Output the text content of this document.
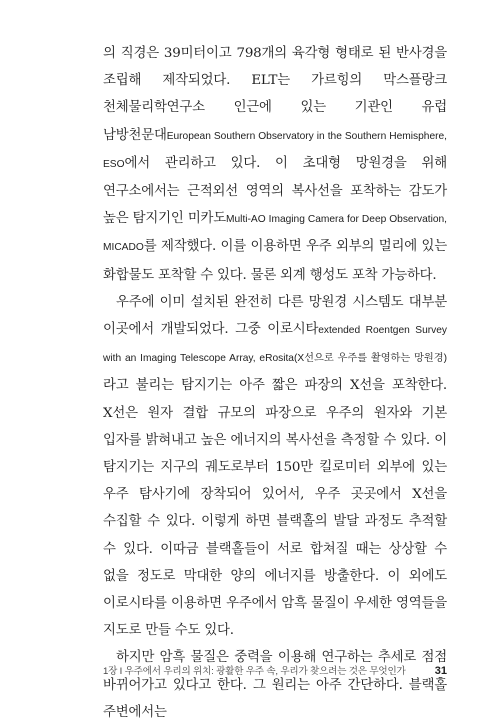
의 직경은 39미터이고 798개의 육각형 형태로 된 반사경을 조립해 제작되었다. ELT는 가르힝의 막스플랑크 천체물리학연구소 인근에 있는 기관인 유럽 남방천문대European Southern Observatory in the Southern Hemisphere, ESO에서 관리하고 있다. 이 초대형 망원경을 위해 연구소에서는 근적외선 영역의 복사선을 포착하는 감도가 높은 탐지기인 미카도Multi-AO Imaging Camera for Deep Observation, MICADO를 제작했다. 이를 이용하면 우주 외부의 멀리에 있는 화합물도 포착할 수 있다. 물론 외계 행성도 포착 가능하다.

우주에 이미 설치된 완전히 다른 망원경 시스템도 대부분 이곳에서 개발되었다. 그중 이로시타extended Roentgen Survey with an Imaging Telescope Array, eRosita(X선으로 우주를 촬영하는 망원경)라고 불리는 탐지기는 아주 짧은 파장의 X선을 포착한다. X선은 원자 결합 규모의 파장으로 우주의 원자와 기본 입자를 밝혀내고 높은 에너지의 복사선을 측정할 수 있다. 이 탐지기는 지구의 궤도로부터 150만 킬로미터 외부에 있는 우주 탐사기에 장착되어 있어서, 우주 곳곳에서 X선을 수집할 수 있다. 이렇게 하면 블랙홀의 발달 과정도 추적할 수 있다. 이따금 블랙홀들이 서로 합쳐질 때는 상상할 수 없을 정도로 막대한 양의 에너지를 방출한다. 이 외에도 이로시타를 이용하면 우주에서 암흑 물질이 우세한 영역들을 지도로 만들 수도 있다.

하지만 암흑 물질은 중력을 이용해 연구하는 추세로 점점 바뀌어가고 있다고 한다. 그 원리는 아주 간단하다. 블랙홀 주변에서는

1장 I 우주에서 우리의 위치: 광활한 우주 속, 우리가 찾으려는 것은 무엇인가	31
